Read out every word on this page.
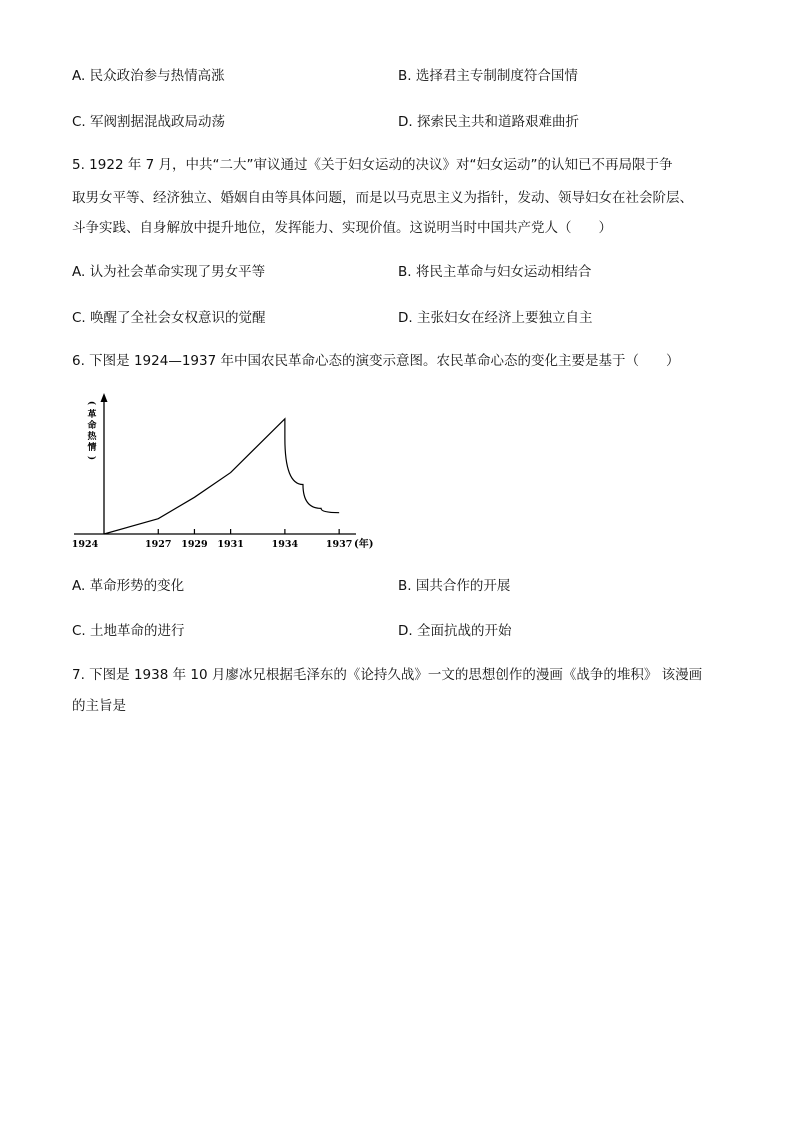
A. 民众政治参与热情高涨	B. 选择君主专制制度符合国情
C. 军阀割据混战政局动荡	D. 探索民主共和道路艰难曲折
5. 1922 年 7 月，中共“二大”审议通过《关于妇女运动的决议》对“妇女运动”的认知已不再局限于争
取男女平等、经济独立、婚姻自由等具体问题，而是以马克思主义为指针，发动、领导妇女在社会阶层、
斗争实践、自身解放中提升地位，发挥能力、实现价值。这说明当时中国共产党人（　　）
A. 认为社会革命实现了男女平等	B. 将民主革命与妇女运动相结合
C. 唤醒了全社会女权意识的觉醒	D. 主张妇女在经济上要独立自主
6. 下图是 1924—1937 年中国农民革命心态的演变示意图。农民革命心态的变化主要是基于（　　）
(
革
命
热
情
)
1924	1927 1929 1931	1934	1937 (年)
A. 革命形势的变化	B. 国共合作的开展
C. 土地革命的进行	D. 全面抗战的开始
7. 下图是 1938 年 10 月廖冰兄根据毛泽东的《论持久战》一文的思想创作的漫画《战争的堆积》 该漫画
的主旨是
